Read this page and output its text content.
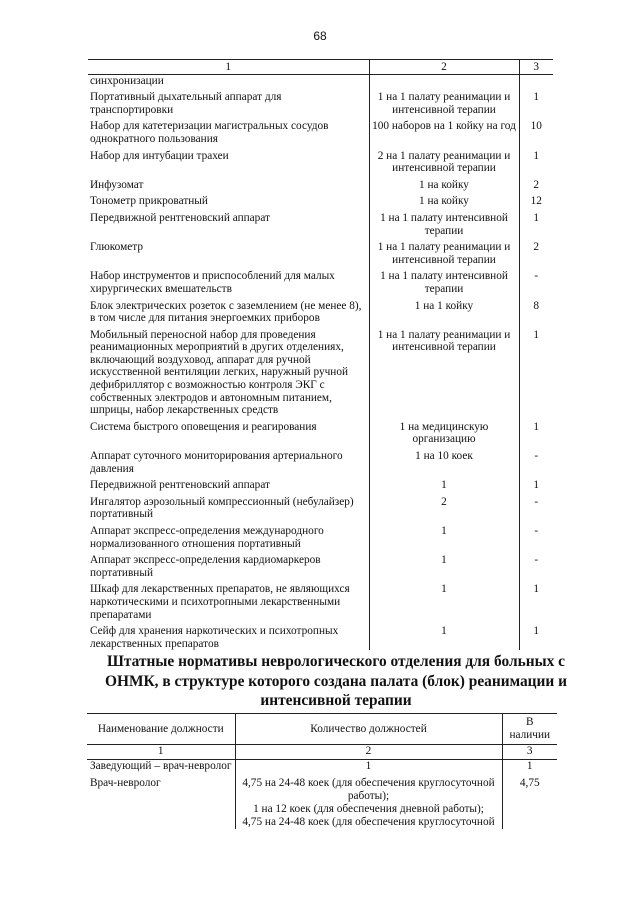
68
1	2	3
синхронизации		
Портативный дыхательный аппарат для транспортировки	1 на 1 палату реанимации и интенсивной терапии	1
Набор для катетеризации магистральных сосудов однократного пользования	100 наборов на 1 койку на год	10
Набор для интубации трахеи	2 на 1 палату реанимации и интенсивной терапии	1
Инфузомат	1 на койку	2
Тонометр прикроватный	1 на койку	12
Передвижной рентгеновский аппарат	1 на 1 палату интенсивной терапии	1
Глюкометр	1 на 1 палату реанимации и интенсивной терапии	2
Набор инструментов и приспособлений для малых хирургических вмешательств	1 на 1 палату интенсивной терапии	-
Блок электрических розеток с заземлением (не менее 8), в том числе для питания энергоемких приборов	1 на 1 койку	8
Мобильный переносной набор для проведения реанимационных мероприятий в других отделениях, включающий воздуховод, аппарат для ручной искусственной вентиляции легких, наружный ручной дефибриллятор с возможностью контроля ЭКГ с собственных электродов и автономным питанием, шприцы, набор лекарственных средств	1 на 1 палату реанимации и интенсивной терапии	1
Система быстрого оповещения и реагирования	1 на медицинскую организацию	1
Аппарат суточного мониторирования артериального давления	1 на 10 коек	-
Передвижной рентгеновский аппарат	1	1
Ингалятор аэрозольный компрессионный (небулайзер) портативный	2	-
Аппарат экспресс-определения международного нормализованного отношения портативный	1	-
Аппарат экспресс-определения кардиомаркеров портативный	1	-
Шкаф для лекарственных препаратов, не являющихся наркотическими и психотропными лекарственными препаратами	1	1
Сейф для хранения наркотических и психотропных лекарственных препаратов	1	1
Штатные нормативы неврологического отделения для больных с ОНМК, в структуре которого создана палата (блок) реанимации и интенсивной терапии
Наименование должности	Количество должностей	В наличии
1	2	3
Заведующий – врач-невролог	1	1
Врач-невролог	4,75 на 24-48 коек (для обеспечения круглосуточной работы);
1 на 12 коек (для обеспечения дневной работы);
4,75 на 24-48 коек (для обеспечения круглосуточной	4,75
